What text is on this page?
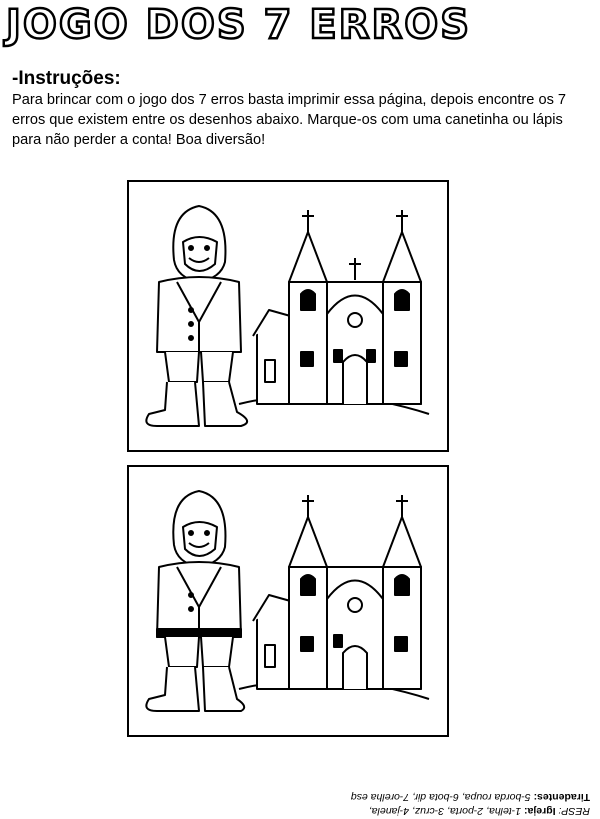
JOGO DOS 7 ERROS
-Instruções:
Para brincar com o jogo dos 7 erros basta imprimir essa página, depois encontre os 7 erros que existem entre os desenhos abaixo. Marque-os com uma canetinha ou lápis para não perder a conta! Boa diversão!
RESP: Igreja: 1-telha, 2-porta, 3-cruz, 4-janela,
Tiradentes: 5-borda roupa, 6-bota dir, 7-orelha esq
